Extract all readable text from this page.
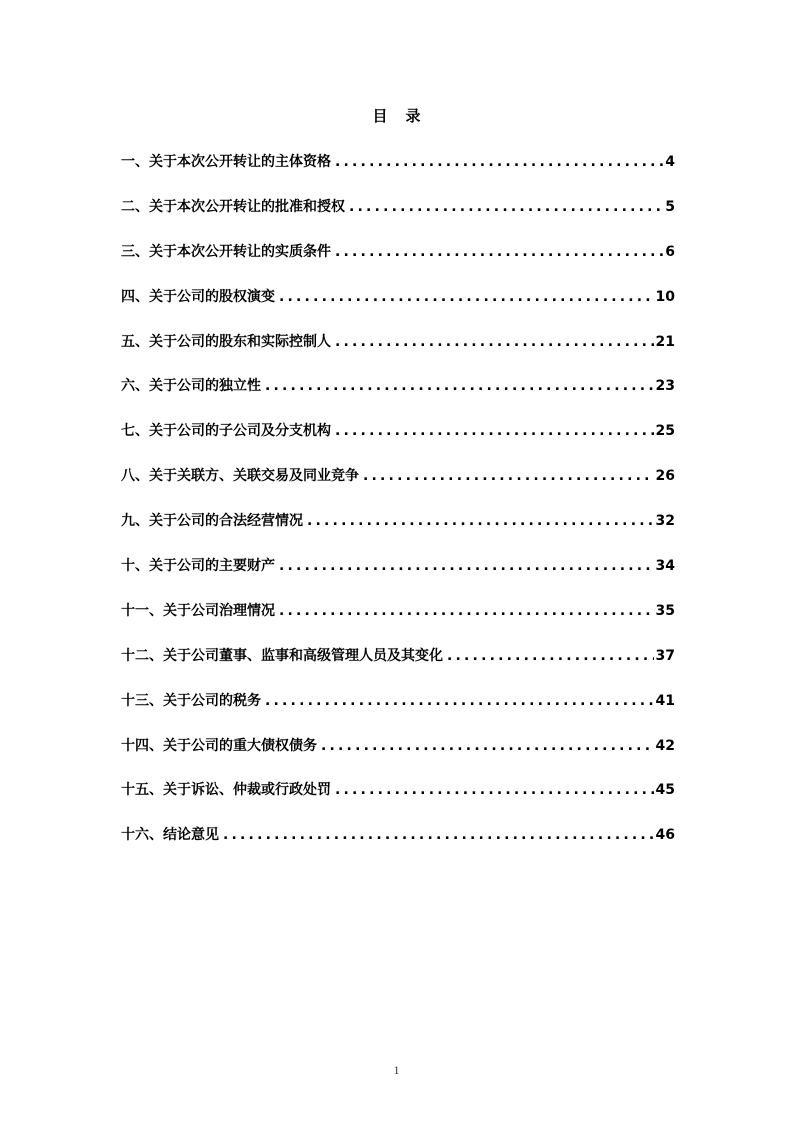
目 录
一、关于本次公开转让的主体资格 .....	4
二、关于本次公开转让的批准和授权 .....	5
三、关于本次公开转让的实质条件 .....	6
四、关于公司的股权演变 .....	10
五、关于公司的股东和实际控制人 .....	21
六、关于公司的独立性 .....	23
七、关于公司的子公司及分支机构 .....	25
八、关于关联方、关联交易及同业竞争 .....	26
九、关于公司的合法经营情况 .....	32
十、关于公司的主要财产 .....	34
十一、关于公司治理情况 .....	35
十二、关于公司董事、监事和高级管理人员及其变化 .....	37
十三、关于公司的税务 .....	41
十四、关于公司的重大债权债务 .....	42
十五、关于诉讼、仲裁或行政处罚 .....	45
十六、结论意见 .....	46
1
